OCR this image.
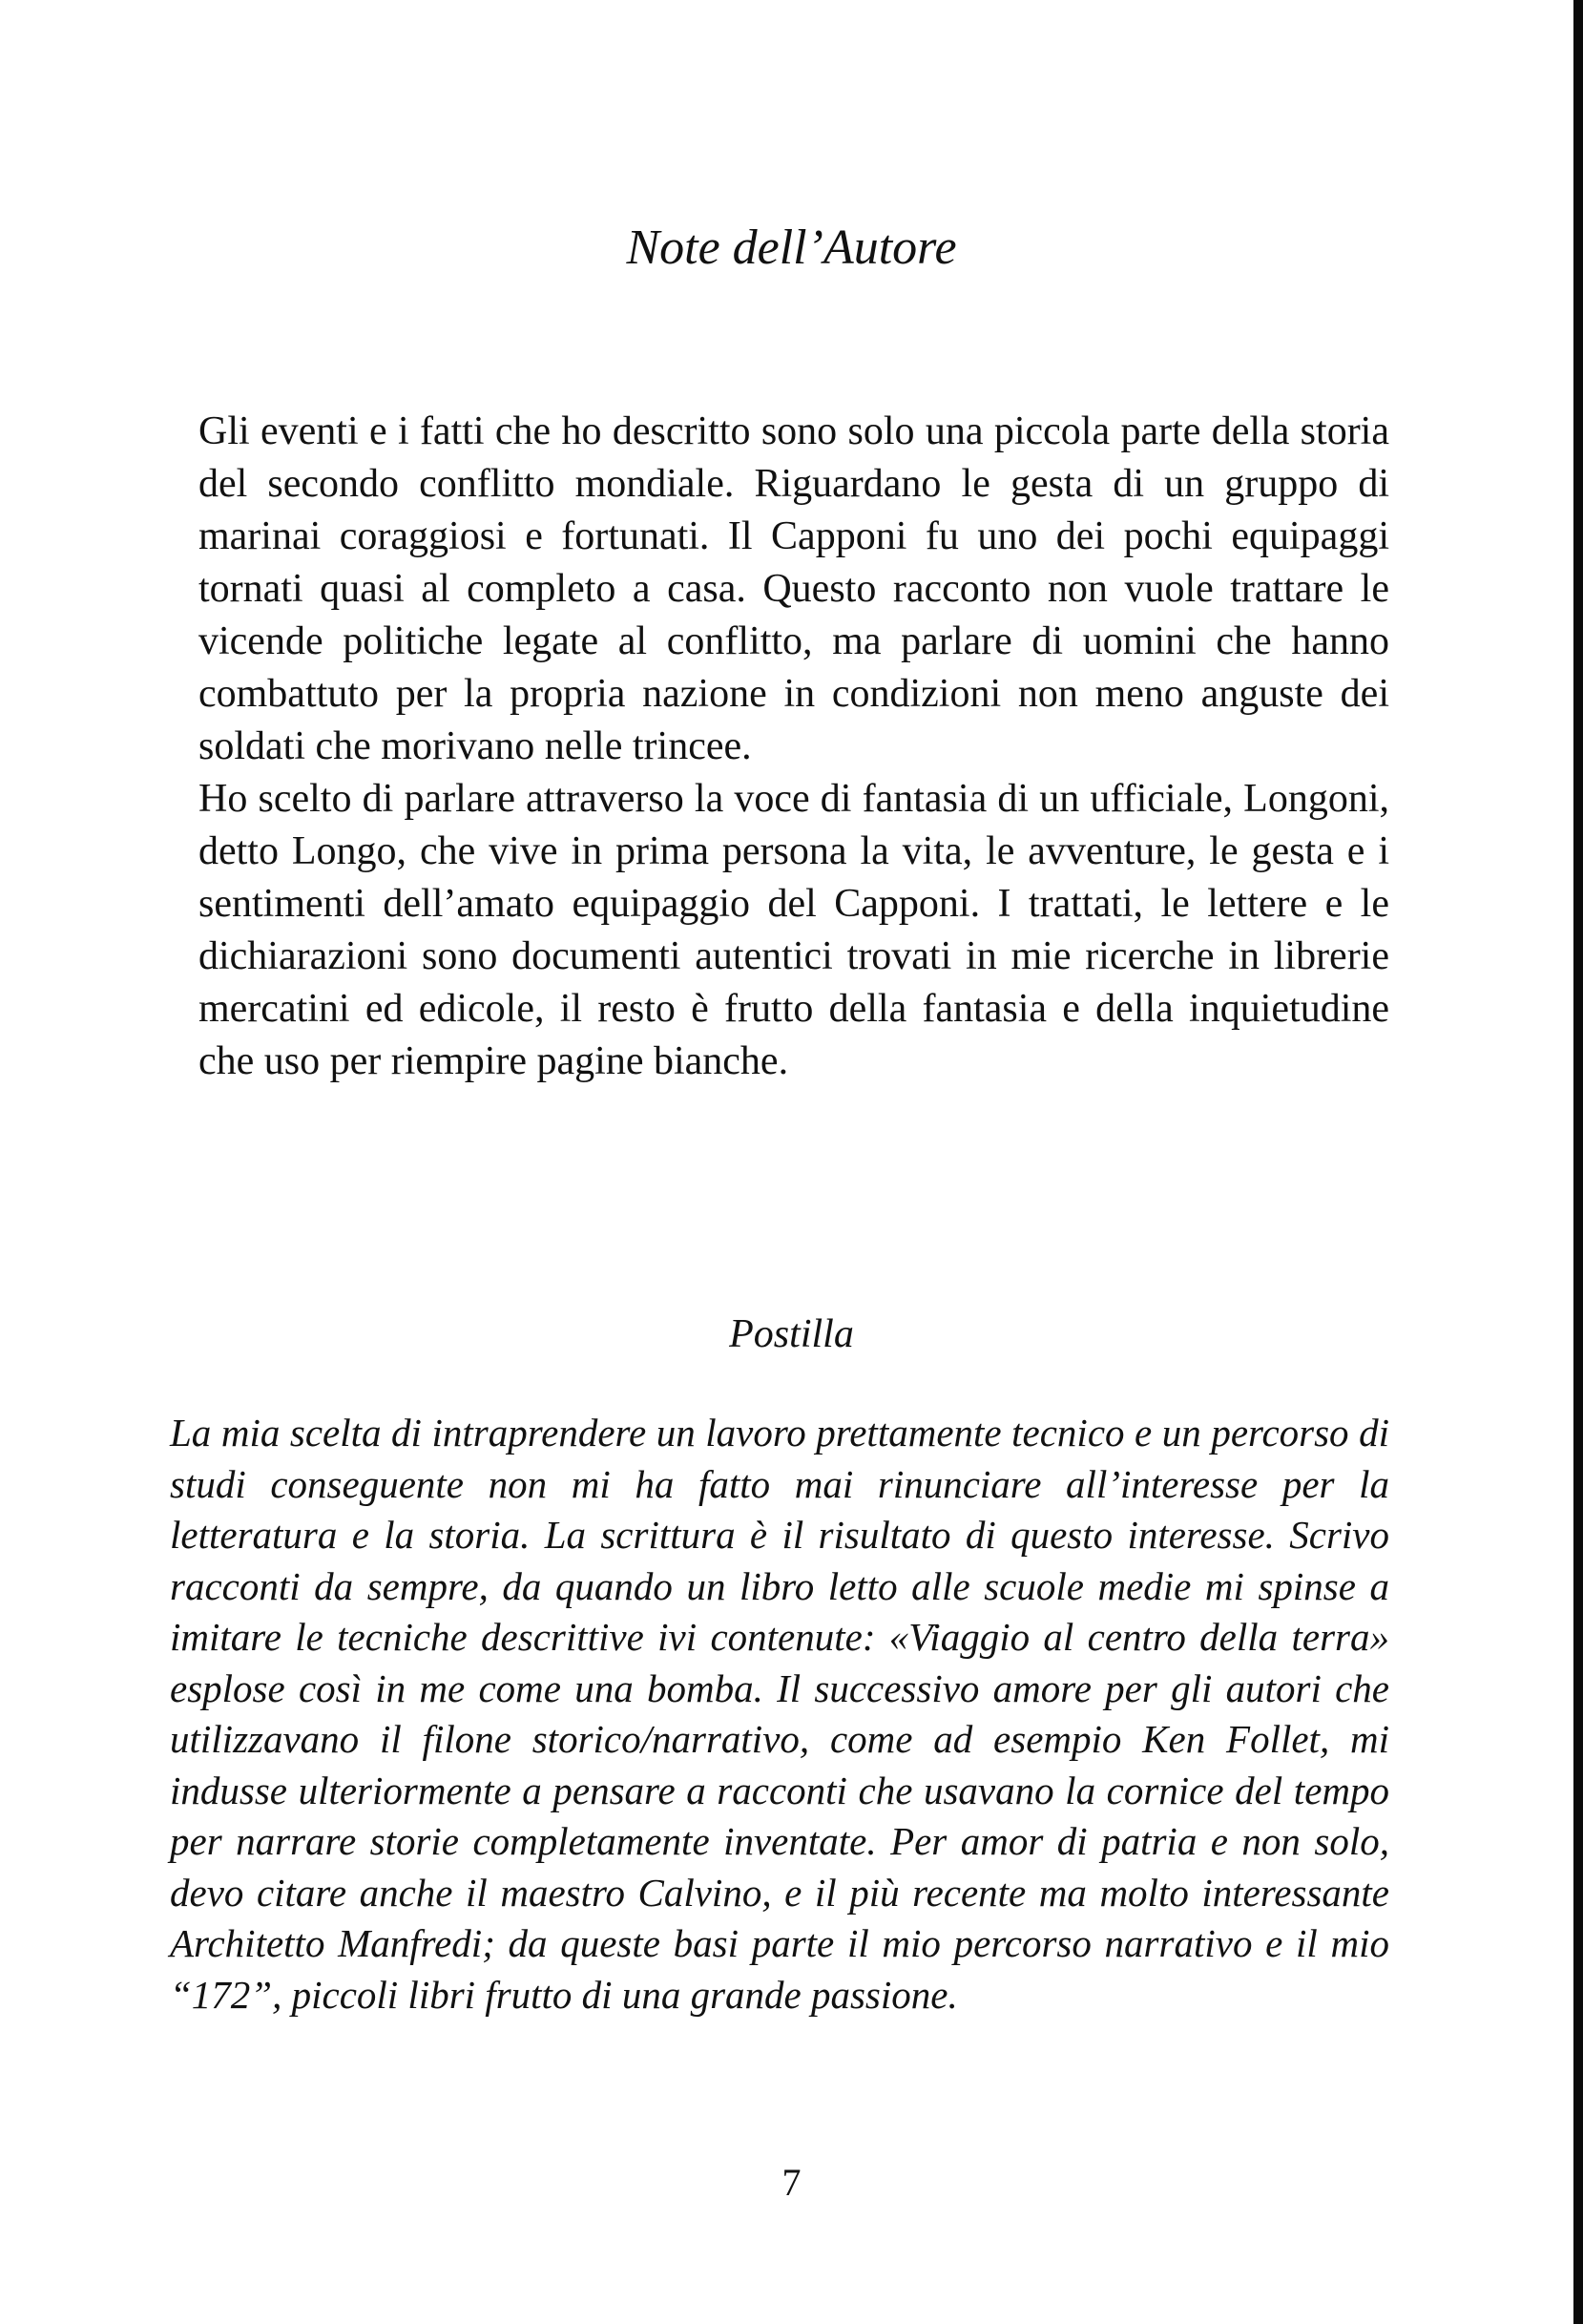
Note dell’Autore

Gli eventi e i fatti che ho descritto sono solo una piccola parte della storia del secondo conflitto mondiale. Riguardano le gesta di un gruppo di marinai coraggiosi e fortunati. Il Capponi fu uno dei pochi equipaggi tornati quasi al completo a casa. Questo racconto non vuole trattare le vicende politiche legate al conflitto, ma parlare di uomini che hanno combattuto per la propria nazione in condizioni non meno anguste dei soldati che morivano nelle trincee.

Ho scelto di parlare attraverso la voce di fantasia di un ufficiale, Longoni, detto Longo, che vive in prima persona la vita, le avventure, le gesta e i sentimenti dell’amato equipaggio del Capponi. I trattati, le lettere e le dichiarazioni sono documenti autentici trovati in mie ricerche in librerie mercatini ed edicole, il resto è frutto della fantasia e della inquietudine che uso per riempire pagine bianche.

Postilla

La mia scelta di intraprendere un lavoro prettamente tecnico e un percorso di studi conseguente non mi ha fatto mai rinunciare all’interesse per la letteratura e la storia. La scrittura è il risultato di questo interesse. Scrivo racconti da sempre, da quando un libro letto alle scuole medie mi spinse a imitare le tecniche descrittive ivi contenute: «Viaggio al centro della terra» esplose così in me come una bomba. Il successivo amore per gli autori che utilizzavano il filone storico/narrativo, come ad esempio Ken Follet, mi indusse ulteriormente a pensare a racconti che usavano la cornice del tempo per narrare storie completamente inventate. Per amor di patria e non solo, devo citare anche il maestro Calvino, e il più recente ma molto interessante Architetto Manfredi; da queste basi parte il mio percorso narrativo e il mio “172”, piccoli libri frutto di una grande passione.

7
